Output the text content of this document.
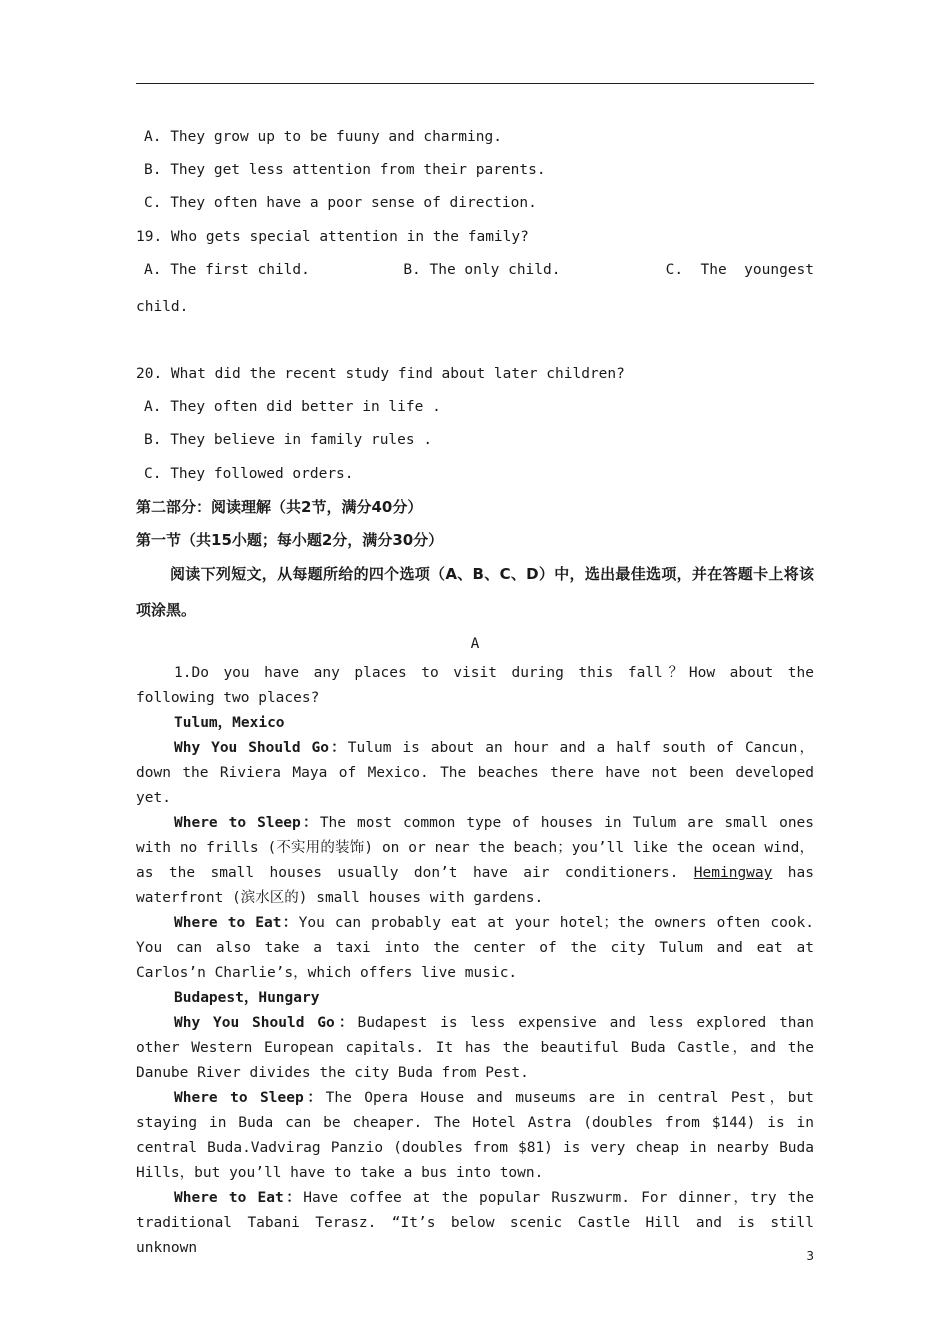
A. They grow up to be fuuny and charming.
B. They get less attention from their parents.
C. They often have a poor sense of direction.
19. Who gets special attention in the family?
A. The first child.	B. The only child.	C.  The  youngest
child.
20. What did the recent study find about later children?
A. They often did better in life .
B. They believe in family rules .
C. They followed orders.
第二部分：阅读理解（共2节，满分40分）
第一节（共15小题；每小题2分，满分30分）
阅读下列短文，从每题所给的四个选项（A、B、C、D）中，选出最佳选项，并在答题卡上将该项涂黑。
A

1.Do you have any places to visit during this fall？How about the following two places?

Tulum，Mexico

Why You Should Go：Tulum is about an hour and a half south of Cancun，down the Riviera Maya of Mexico. The beaches there have not been developed yet.

Where to Sleep：The most common type of houses in Tulum are small ones with no frills (不实用的装饰) on or near the beach；you’ll like the ocean wind，as the small houses usually don’t have air conditioners. Hemingway has waterfront (滨水区的) small houses with gardens.

Where to Eat：You can probably eat at your hotel；the owners often cook. You can also take a taxi into the center of the city Tulum and eat at Carlos’n Charlie’s，which offers live music.

Budapest，Hungary

Why You Should Go：Budapest is less expensive and less explored than other Western European capitals. It has the beautiful Buda Castle，and the Danube River divides the city Buda from Pest.

Where to Sleep：The Opera House and museums are in central Pest，but staying in Buda can be cheaper. The Hotel Astra (doubles from $144) is in central Buda.Vadvirag Panzio (doubles from $81) is very cheap in nearby Buda Hills，but you’ll have to take a bus into town.

Where to Eat：Have coffee at the popular Ruszwurm. For dinner，try the traditional Tabani Terasz. “It’s below scenic Castle Hill and is still unknown	3
